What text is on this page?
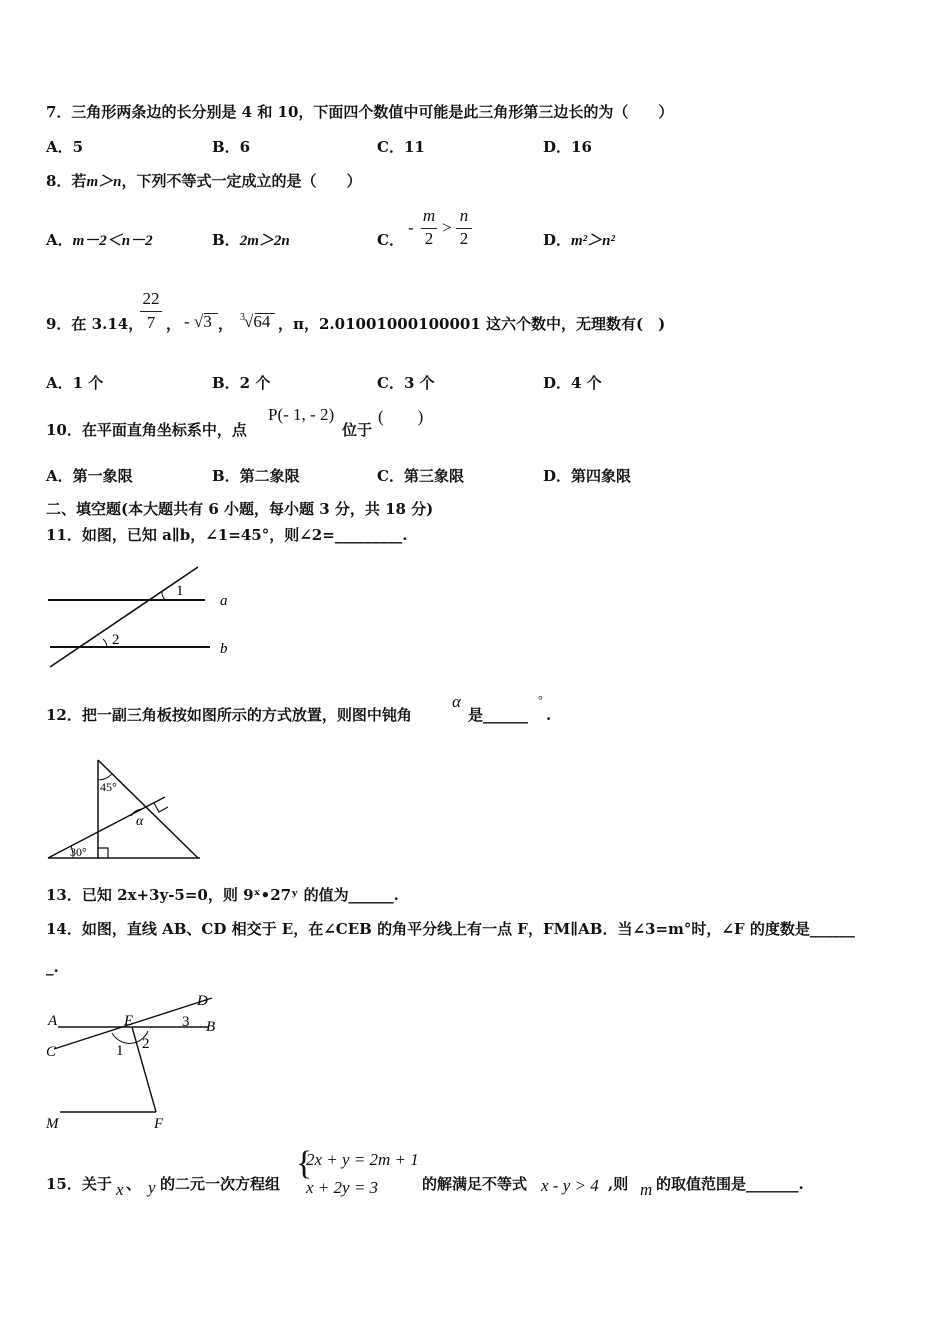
7．三角形两条边的长分别是 4 和 10，下面四个数值中可能是此三角形第三边长的为（　　）
A．5	B．6	C．11	D．16
8．若m＞n，下列不等式一定成立的是（　　）
A．m－2＜n－2	B．2m＞2n	C．
-
m
2
>
n
2	D．m²＞n²
9．在 3.14，
22
7 ， - √3 ， 3 √64 ，π，2.01001000100001 这六个数中，无理数有(　)
A．1 个	B．2 个	C．3 个	D．4 个
10．在平面直角坐标系中，点
P(- 1, - 2)
位于
(　　)
A．第一象限	B．第二象限	C．第三象限	D．第四象限
二、填空题(本大题共有 6 小题，每小题 3 分，共 18 分)
11．如图，已知 a∥b，∠1=45°，则∠2=_________.
1
2
a
b
12．把一副三角板按如图所示的方式放置，则图中钝角
α
是______
°
.
45°
30°
α
13．已知 2x+3y-5=0，则 9ˣ•27ʸ 的值为______.
14．如图，直线 AB、CD 相交于 E，在∠CEB 的角平分线上有一点 F，FM∥AB．当∠3=m°时，∠F 的度数是______
_.
A	B
C
D
E
F
M
1 2
3
15．关于 x 、 y 的二元一次方程组
{
2x + y = 2m + 1
x + 2y = 3	的解满足不等式 x - y > 4 ,则 m 的取值范围是_______.
